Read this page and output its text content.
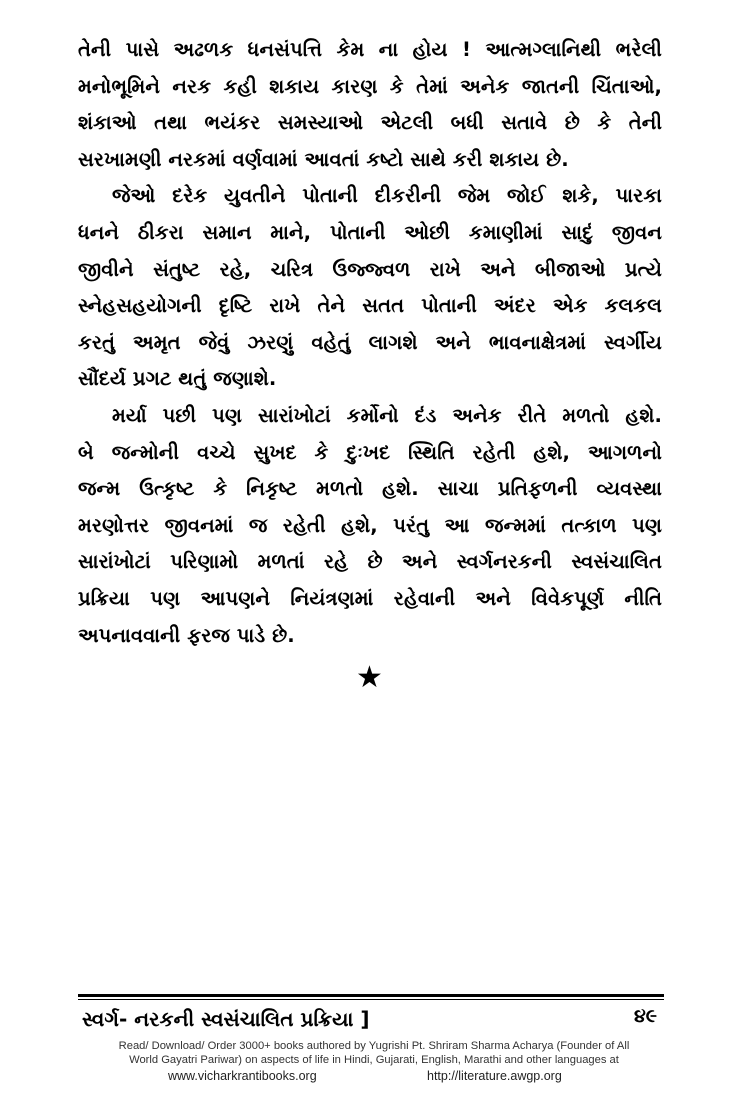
તેની પાસે અઢળક ધનસંપત્તિ કેમ ના હોય ! આત્મગ્લાનિથી ભરેલી
મનોભૂમિને નરક કહી શકાય કારણ કે તેમાં અનેક જાતની ચિંતાઓ,
શંકાઓ તથા ભયંકર સમસ્યાઓ એટલી બધી સતાવે છે કે તેની
સરખામણી નરકમાં વર્ણવામાં આવતાં કષ્ટો સાથે કરી શકાય છે.

જેઓ દરેક યુવતીને પોતાની દીકરીની જેમ જોઈ શકે, પારકા
ધનને ઠીકરા સમાન માને, પોતાની ઓછી કમાણીમાં સાદું જીવન
જીવીને સંતુષ્ટ રહે, ચરિત્ર ઉજ્જ્વળ રાખે અને બીજાઓ પ્રત્યે
સ્નેહસહયોગની દૃષ્ટિ રાખે તેને સતત પોતાની અંદર એક કલકલ
કરતું અમૃત જેવું ઝરણું વહેતું લાગશે અને ભાવનાક્ષેત્રમાં સ્વર્ગીય
સૌંદર્ય પ્રગટ થતું જણાશે.

મર્યા પછી પણ સારાંખોટાં કર્મોનો દંડ અનેક રીતે મળતો હશે.
બે જન્મોની વચ્ચે સુખદ કે દુઃખદ સ્થિતિ રહેતી હશે, આગળનો
જન્મ ઉત્કૃષ્ટ કે નિકૃષ્ટ મળતો હશે. સાચા પ્રતિફળની વ્યવસ્થા
મરણોત્તર જીવનમાં જ રહેતી હશે, પરંતુ આ જન્મમાં તત્કાળ પણ
સારાંખોટાં પરિણામો મળતાં રહે છે અને સ્વર્ગનરકની સ્વસંચાલિત
પ્રક્રિયા પણ આપણને નિયંત્રણમાં રહેવાની અને વિવેકપૂર્ણ નીતિ
અપનાવવાની ફરજ પાડે છે.

★
સ્વર્ગ- નરકની સ્વસંચાલિત પ્રક્રિયા ]	૪૯
Read/ Download/ Order 3000+ books authored by Yugrishi Pt. Shriram Sharma Acharya (Founder of All
World Gayatri Pariwar) on aspects of life in Hindi, Gujarati, English, Marathi and other languages at
www.vicharkrantibooks.org	http://literature.awgp.org
